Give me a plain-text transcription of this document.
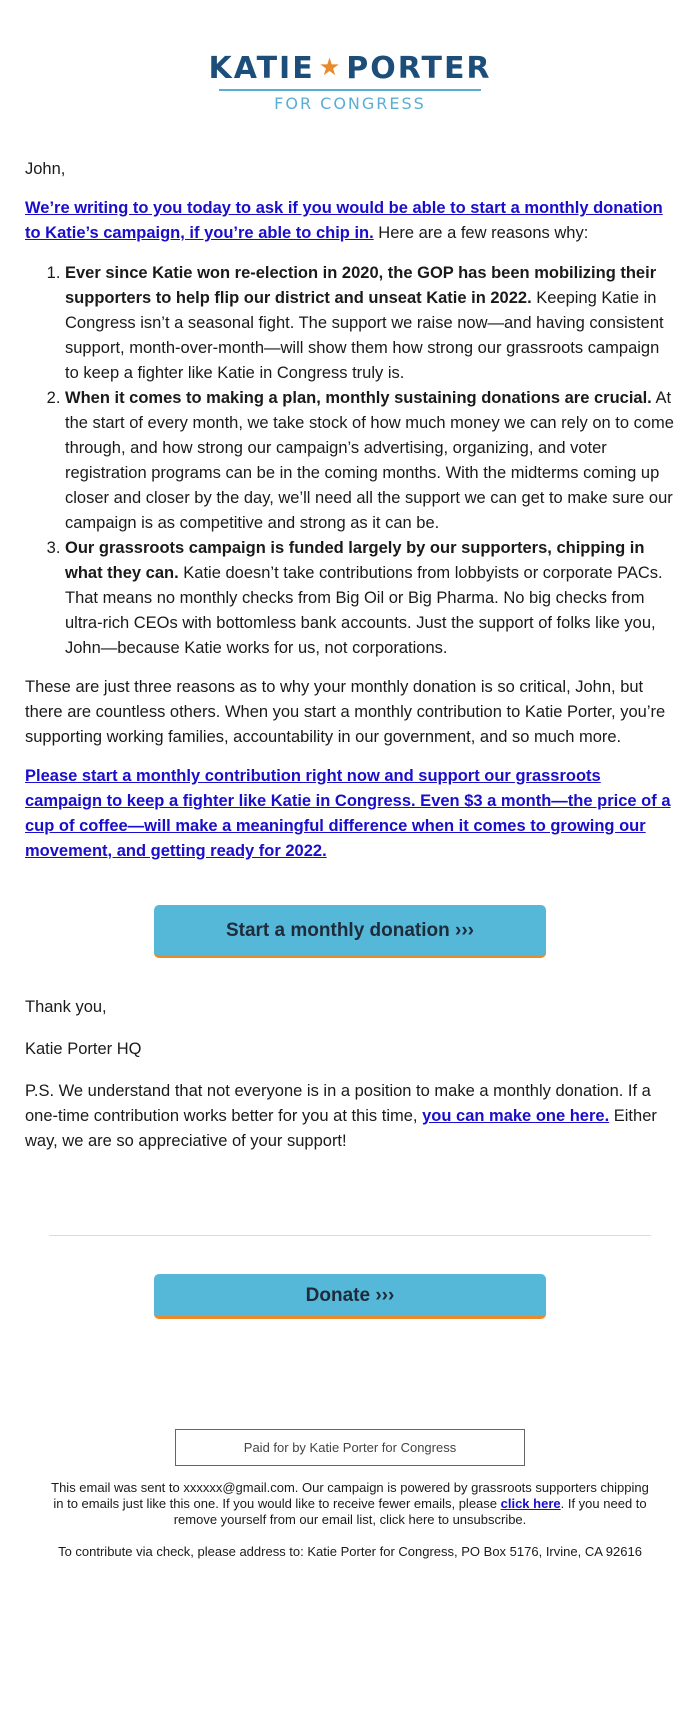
KATIE ★ PORTER
FOR CONGRESS

John,

We’re writing to you today to ask if you would be able to start a monthly donation to Katie’s campaign, if you’re able to chip in. Here are a few reasons why:

1. Ever since Katie won re-election in 2020, the GOP has been mobilizing their supporters to help flip our district and unseat Katie in 2022. Keeping Katie in Congress isn’t a seasonal fight. The support we raise now—and having consistent support, month-over-month—will show them how strong our grassroots campaign to keep a fighter like Katie in Congress truly is.
2. When it comes to making a plan, monthly sustaining donations are crucial. At the start of every month, we take stock of how much money we can rely on to come through, and how strong our campaign’s advertising, organizing, and voter registration programs can be in the coming months. With the midterms coming up closer and closer by the day, we’ll need all the support we can get to make sure our campaign is as competitive and strong as it can be.
3. Our grassroots campaign is funded largely by our supporters, chipping in what they can. Katie doesn’t take contributions from lobbyists or corporate PACs. That means no monthly checks from Big Oil or Big Pharma. No big checks from ultra-rich CEOs with bottomless bank accounts. Just the support of folks like you, John—because Katie works for us, not corporations.

These are just three reasons as to why your monthly donation is so critical, John, but there are countless others. When you start a monthly contribution to Katie Porter, you’re supporting working families, accountability in our government, and so much more.

Please start a monthly contribution right now and support our grassroots campaign to keep a fighter like Katie in Congress. Even $3 a month—the price of a cup of coffee—will make a meaningful difference when it comes to growing our movement, and getting ready for 2022.

Start a monthly donation ›››

Thank you,

Katie Porter HQ

P.S. We understand that not everyone is in a position to make a monthly donation. If a one-time contribution works better for you at this time, you can make one here. Either way, we are so appreciative of your support!

Donate ›››
Paid for by Katie Porter for Congress

This email was sent to xxxxxx@gmail.com. Our campaign is powered by grassroots supporters chipping in to emails just like this one. If you would like to receive fewer emails, please click here. If you need to remove yourself from our email list, click here to unsubscribe.

To contribute via check, please address to: Katie Porter for Congress, PO Box 5176, Irvine, CA 92616
